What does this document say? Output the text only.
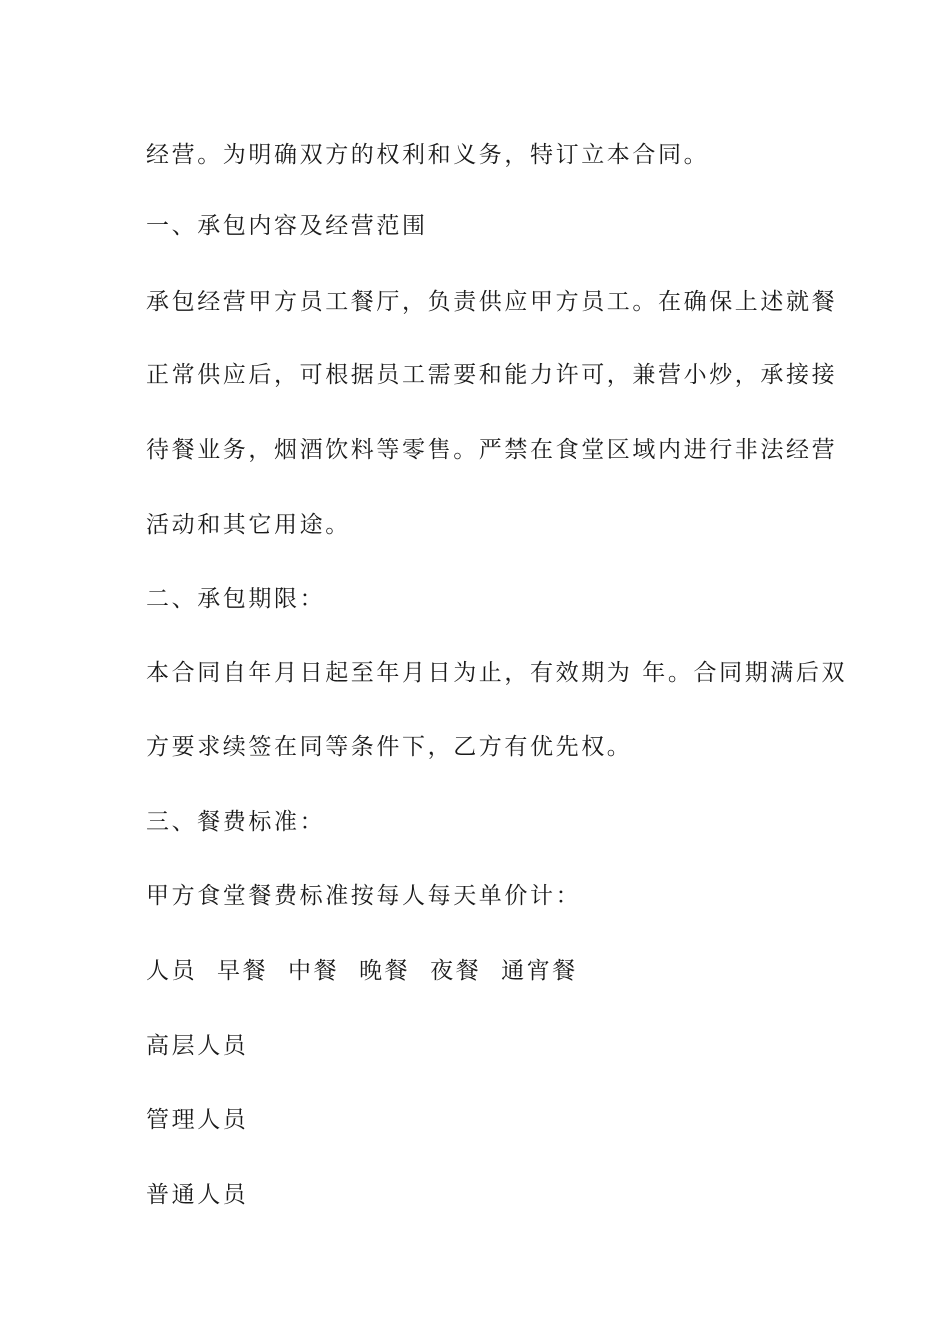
经营。为明确双方的权利和义务，特订立本合同。
一、承包内容及经营范围
承包经营甲方员工餐厅，负责供应甲方员工。在确保上述就餐
正常供应后，可根据员工需要和能力许可，兼营小炒，承接接
待餐业务，烟酒饮料等零售。严禁在食堂区域内进行非法经营
活动和其它用途。
二、承包期限：
本合同自年月日起至年月日为止，有效期为 年。合同期满后双
方要求续签在同等条件下，乙方有优先权。
三、餐费标准：
甲方食堂餐费标准按每人每天单价计：
人员  早餐  中餐  晚餐  夜餐  通宵餐
高层人员
管理人员
普通人员
